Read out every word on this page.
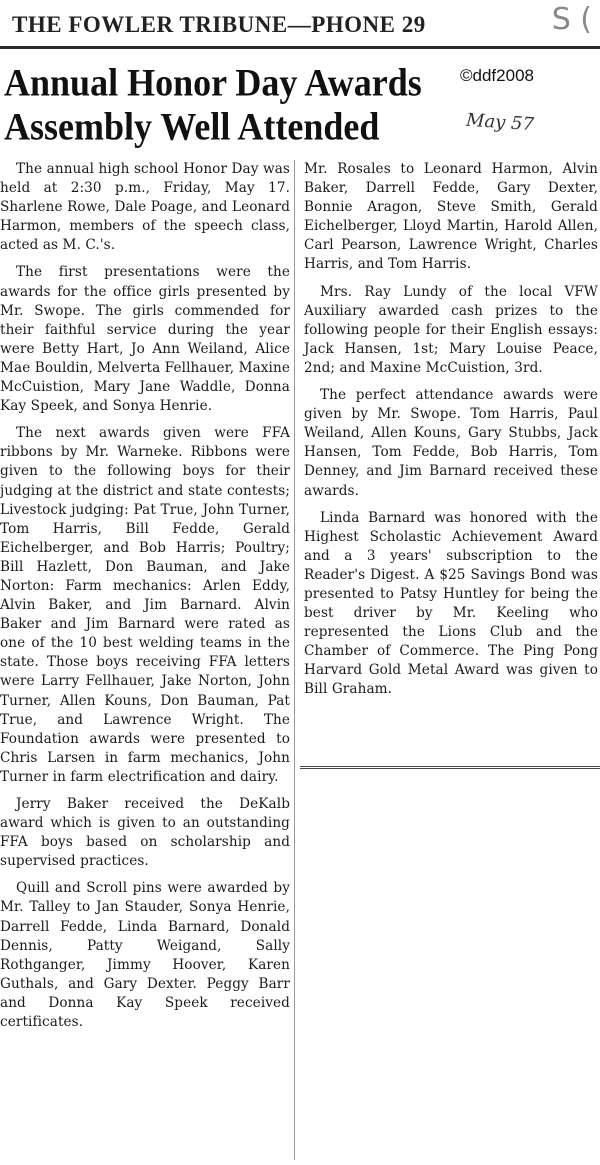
THE FOWLER TRIBUNE—PHONE 29	S (
Annual Honor Day Awards
Assembly Well Attended
©ddf2008
May 57

The annual high school Honor Day was held at 2:30 p.m., Friday, May 17. Sharlene Rowe, Dale Poage, and Leonard Harmon, members of the speech class, acted as M. C.'s.

The first presentations were the awards for the office girls presented by Mr. Swope. The girls commended for their faithful service during the year were Betty Hart, Jo Ann Weiland, Alice Mae Bouldin, Melverta Fellhauer, Maxine McCuistion, Mary Jane Waddle, Donna Kay Speek, and Sonya Henrie.

The next awards given were FFA ribbons by Mr. Warneke. Ribbons were given to the following boys for their judging at the district and state contests; Livestock judging: Pat True, John Turner, Tom Harris, Bill Fedde, Gerald Eichelberger, and Bob Harris; Poultry; Bill Hazlett, Don Bauman, and Jake Norton: Farm mechanics: Arlen Eddy, Alvin Baker, and Jim Barnard. Alvin Baker and Jim Barnard were rated as one of the 10 best welding teams in the state. Those boys receiving FFA letters were Larry Fellhauer, Jake Norton, John Turner, Allen Kouns, Don Bauman, Pat True, and Lawrence Wright. The Foundation awards were presented to Chris Larsen in farm mechanics, John Turner in farm electrification and dairy.

Jerry Baker received the DeKalb award which is given to an outstanding FFA boys based on scholarship and supervised practices.

Quill and Scroll pins were awarded by Mr. Talley to Jan Stauder, Sonya Henrie, Darrell Fedde, Linda Barnard, Donald Dennis, Patty Weigand, Sally Rothganger, Jimmy Hoover, Karen Guthals, and Gary Dexter. Peggy Barr and Donna Kay Speek received certificates.

Mr. Rosales to Leonard Harmon, Alvin Baker, Darrell Fedde, Gary Dexter, Bonnie Aragon, Steve Smith, Gerald Eichelberger, Lloyd Martin, Harold Allen, Carl Pearson, Lawrence Wright, Charles Harris, and Tom Harris.

Mrs. Ray Lundy of the local VFW Auxiliary awarded cash prizes to the following people for their English essays: Jack Hansen, 1st; Mary Louise Peace, 2nd; and Maxine McCuistion, 3rd.

The perfect attendance awards were given by Mr. Swope. Tom Harris, Paul Weiland, Allen Kouns, Gary Stubbs, Jack Hansen, Tom Fedde, Bob Harris, Tom Denney, and Jim Barnard received these awards.

Linda Barnard was honored with the Highest Scholastic Achievement Award and a 3 years' subscription to the Reader's Digest. A $25 Savings Bond was presented to Patsy Huntley for being the best driver by Mr. Keeling who represented the Lions Club and the Chamber of Commerce. The Ping Pong Harvard Gold Metal Award was given to Bill Graham.
